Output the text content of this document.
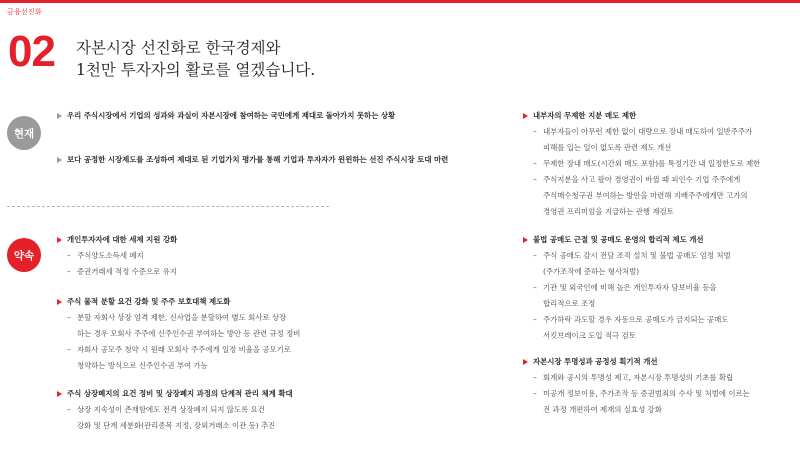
금융선진화
02 자본시장 선진화로 한국경제와
1천만 투자자의 활로를 열겠습니다.
현재
우리 주식시장에서 기업의 성과와 과실이 자본시장에 참여하는 국민에게 제대로 돌아가지 못하는 상황
보다 공정한 시장제도를 조성하여 제대로 된 기업가치 평가를 통해 기업과 투자자가 윈윈하는 선진 주식시장 토대 마련
약속
개인투자자에 대한 세제 지원 강화
– 주식양도소득세 폐지
– 증권거래세 적정 수준으로 유지
주식 물적 분할 요건 강화 및 주주 보호대책 제도화
– 분할 자회사 상장 엄격 제한, 신사업을 분할하여 별도 회사로 상장
하는 경우 모회사 주주에 신주인수권 부여하는 방안 등 관련 규정 정비
– 자회사 공모주 청약 시 원래 모회사 주주에게 일정 비율을 공모기로
청약하는 방식으로 신주인수권 부여 가능
주식 상장폐지의 요건 정비 및 상장폐지 과정의 단계적 관리 체계 확대
– 상장 지속성이 존재함에도 전격 상장폐지 되지 않도록 요건
강화 및 단계 세분화(관리종목 지정, 장외거래소 이관 등) 추진
내부자의 무제한 지분 매도 제한
– 내부자들이 아무런 제한 없이 대량으로 장내 매도하여 일반주주가
피해를 입는 일이 없도록 관련 제도 개선
– 무제한 장내 매도(시간외 매도 포함)를 특정기간 내 일정한도로 제한
– 주식지분을 사고 팔아 경영권이 바뀔 때 피인수 기업 주주에게
주식매수청구권 부여하는 방안을 마련해 지배주주에게만 고가의
경영권 프리미엄을 지급하는 관행 재검토
불법 공매도 근절 및 공매도 운영의 합리적 제도 개선
– 주식 공매도 감시 전담 조직 설치 및 불법 공매도 엄정 처벌
(주가조작에 준하는 형사처벌)
– 기관 및 외국인에 비해 높은 개인투자자 담보비율 등을
합리적으로 조정
– 주가하락 과도할 경우 자동으로 공매도가 금지되는 공매도
서킷브레이크 도입 적극 검토
자본시장 투명성과 공정성 획기적 개선
– 회계와 공시의 투명성 제고, 자본시장 투명성의 기초를 확립
– 미공개 정보이용, 주가조작 등 증권범죄의 수사 및 처벌에 이르는
전 과정 개편하여 제재의 실효성 강화
